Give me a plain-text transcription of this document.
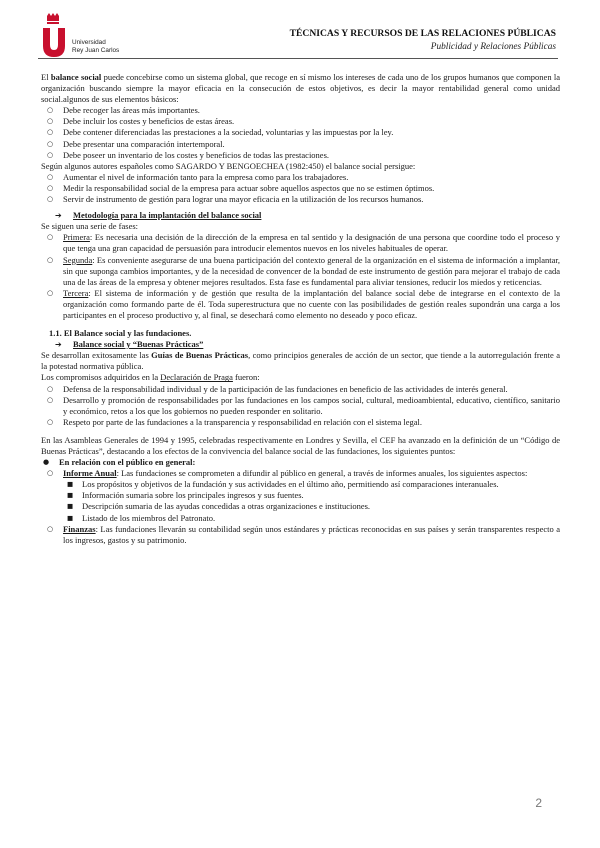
Universidad
Rey Juan Carlos
TÉCNICAS Y RECURSOS DE LAS RELACIONES PÚBLICAS
Publicidad y Relaciones Públicas

El balance social puede concebirse como un sistema global, que recoge en sí mismo los intereses de cada uno de los grupos humanos que componen la organización buscando siempre la mayor eficacia en la consecución de estos objetivos, es decir la mayor rentabilidad general como unidad social.algunos de sus elementos básicos:

○ Debe recoger las áreas más importantes.

○ Debe incluir los costes y beneficios de estas áreas.

○ Debe contener diferenciadas las prestaciones a la sociedad, voluntarias y las impuestas por la ley.

○ Debe presentar una comparación intertemporal.

○ Debe poseer un inventario de los costes y beneficios de todas las prestaciones.

Según algunos autores españoles como SAGARDO Y BENGOECHEA (1982:450) el balance social persigue:

○ Aumentar el nivel de información tanto para la empresa como para los trabajadores.

○ Medir la responsabilidad social de la empresa para actuar sobre aquellos aspectos que no se estimen óptimos.

○ Servir de instrumento de gestión para lograr una mayor eficacia en la utilización de los recursos humanos.

➔ Metodología para la implantación del balance social

Se siguen una serie de fases:

○ Primera: Es necesaria una decisión de la dirección de la empresa en tal sentido y la designación de una persona que coordine todo el proceso y que tenga una gran capacidad de persuasión para introducir elementos nuevos en los niveles habituales de operar.

○ Segunda: Es conveniente asegurarse de una buena participación del contexto general de la organización en el sistema de información a implantar, sin que suponga cambios importantes, y de la necesidad de convencer de la bondad de este instrumento de gestión para mejorar el trabajo de cada una de las áreas de la empresa y obtener mejores resultados. Esta fase es fundamental para aliviar tensiones, reducir los miedos y reticencias.

○ Tercera: El sistema de información y de gestión que resulta de la implantación del balance social debe de integrarse en el contexto de la organización como formando parte de él. Toda superestructura que no cuente con las posibilidades de gestión reales supondrán una carga a los participantes en el proceso productivo y, al final, se desechará como elemento no deseado y poco eficaz.

1.1. El Balance social y las fundaciones.

➔ Balance social y “Buenas Prácticas”

Se desarrollan exitosamente las Guías de Buenas Prácticas, como principios generales de acción de un sector, que tiende a la autorregulación frente a la potestad normativa pública.

Los compromisos adquiridos en la Declaración de Praga fueron:

○ Defensa de la responsabilidad individual y de la participación de las fundaciones en beneficio de las actividades de interés general.

○ Desarrollo y promoción de responsabilidades por las fundaciones en los campos social, cultural, medioambiental, educativo, científico, sanitario y económico, retos a los que los gobiernos no pueden responder en solitario.

○ Respeto por parte de las fundaciones a la transparencia y responsabilidad en relación con el sistema legal.

En las Asambleas Generales de 1994 y 1995, celebradas respectivamente en Londres y Sevilla, el CEF ha avanzado en la definición de un “Código de Buenas Prácticas”, destacando a los efectos de la convivencia del balance social de las fundaciones, los siguientes puntos:

● En relación con el público en general:

○ Informe Anual: Las fundaciones se comprometen a difundir al público en general, a través de informes anuales, los siguientes aspectos:

■ Los propósitos y objetivos de la fundación y sus actividades en el último año, permitiendo así comparaciones interanuales.

■ Información sumaria sobre los principales ingresos y sus fuentes.

■ Descripción sumaria de las ayudas concedidas a otras organizaciones e instituciones.

■ Listado de los miembros del Patronato.

○ Finanzas: Las fundaciones llevarán su contabilidad según unos estándares y prácticas reconocidas en sus países y serán transparentes respecto a los ingresos, gastos y su patrimonio.

2
